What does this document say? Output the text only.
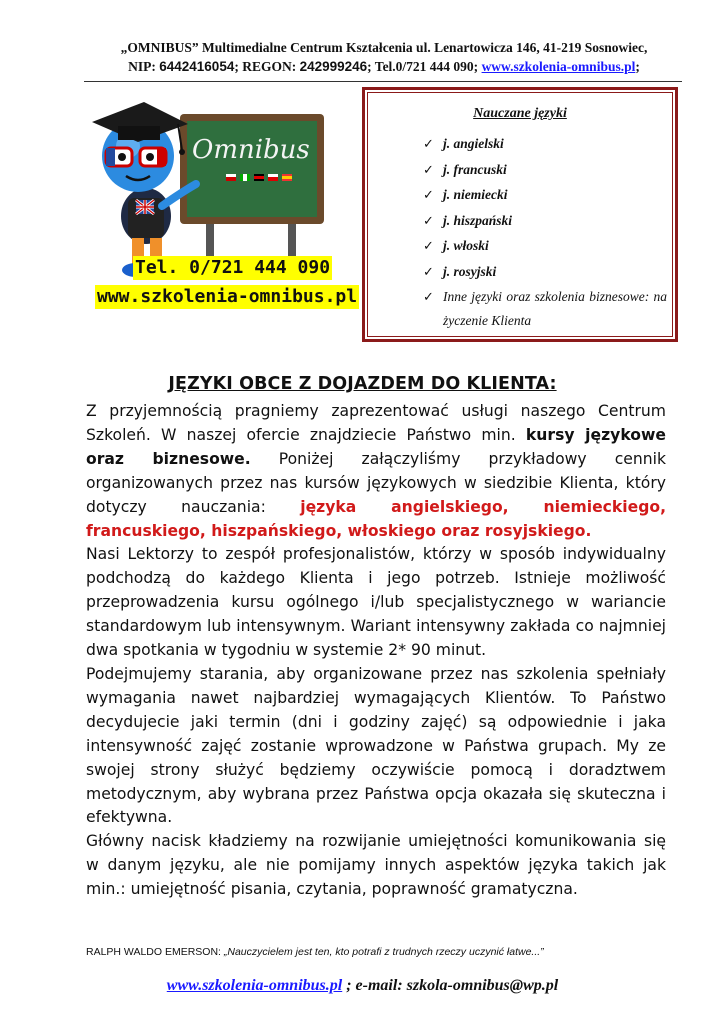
„OMNIBUS” Multimedialne Centrum Kształcenia ul. Lenartowicza 146, 41-219 Sosnowiec,
NIP: 6442416054; REGON: 242999246; Tel.0/721 444 090; www.szkolenia-omnibus.pl;
Omnibus
Tel. 0/721 444 090
www.szkolenia-omnibus.pl
Nauczane języki
✓ j. angielski
✓ j. francuski
✓ j. niemiecki
✓ j. hiszpański
✓ j. włoski
✓ j. rosyjski
✓ Inne języki oraz szkolenia biznesowe: na życzenie Klienta
JĘZYKI OBCE Z DOJAZDEM DO KLIENTA:

Z przyjemnością pragniemy zaprezentować usługi naszego Centrum Szkoleń. W naszej ofercie znajdziecie Państwo min. kursy językowe oraz biznesowe. Poniżej załączyliśmy przykładowy cennik organizowanych przez nas kursów językowych w siedzibie Klienta, który dotyczy nauczania: języka angielskiego, niemieckiego, francuskiego, hiszpańskiego, włoskiego oraz rosyjskiego.

Nasi Lektorzy to zespół profesjonalistów, którzy w sposób indywidualny podchodzą do każdego Klienta i jego potrzeb. Istnieje możliwość przeprowadzenia kursu ogólnego i/lub specjalistycznego w wariancie standardowym lub intensywnym. Wariant intensywny zakłada co najmniej dwa spotkania w tygodniu w systemie 2* 90 minut.

Podejmujemy starania, aby organizowane przez nas szkolenia spełniały wymagania nawet najbardziej wymagających Klientów. To Państwo decydujecie jaki termin (dni i godziny zajęć) są odpowiednie i jaka intensywność zajęć zostanie wprowadzone w Państwa grupach. My ze swojej strony służyć będziemy oczywiście pomocą i doradztwem metodycznym, aby wybrana przez Państwa opcja okazała się skuteczna i efektywna.

Główny nacisk kładziemy na rozwijanie umiejętności komunikowania się w danym języku, ale nie pomijamy innych aspektów języka takich jak min.: umiejętność pisania, czytania, poprawność gramatyczna.

RALPH WALDO EMERSON: „Nauczycielem jest ten, kto potrafi z trudnych rzeczy uczynić łatwe...”
www.szkolenia-omnibus.pl ; e-mail: szkola-omnibus@wp.pl
